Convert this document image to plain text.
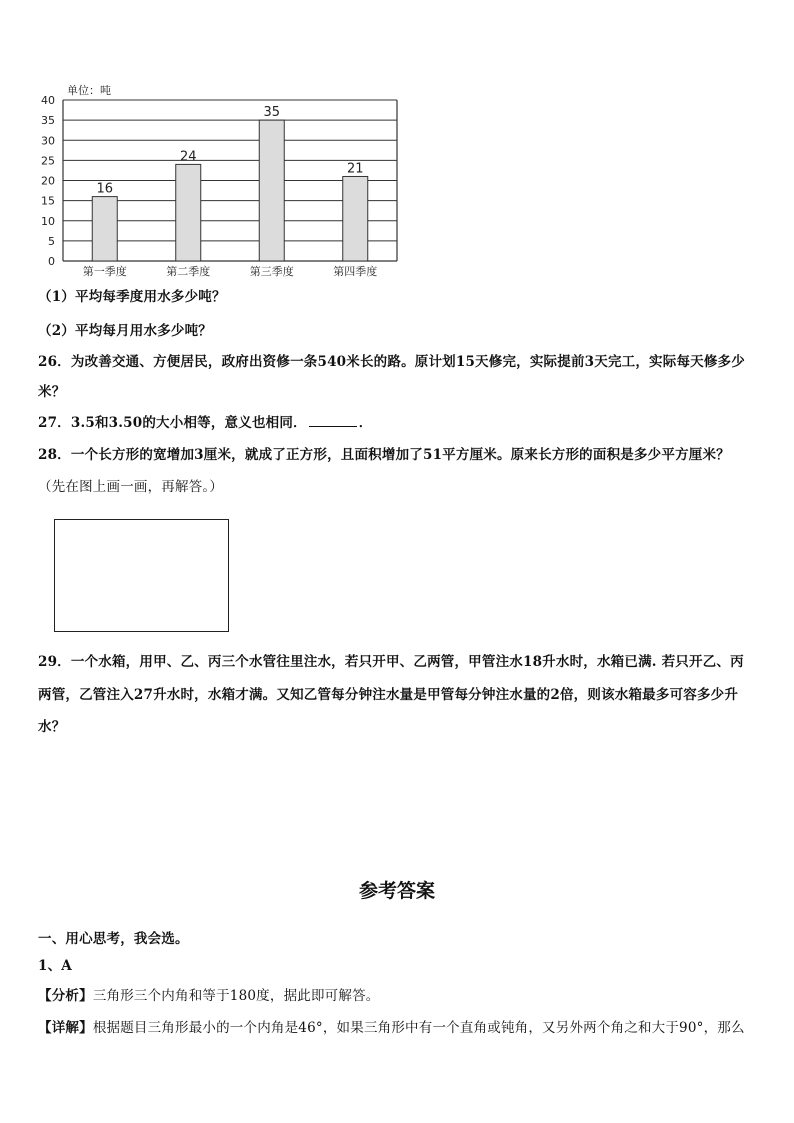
0
5
10
15
20
25
30
35
40
单位：吨
16
第一季度
24
第二季度
35
第三季度
21
第四季度
（1）平均每季度用水多少吨？
（2）平均每月用水多少吨？
26．为改善交通、方便居民，政府出资修一条540米长的路。原计划15天修完，实际提前3天完工，实际每天修多少
米？
27．3.5和3.50的大小相等，意义也相同．	．
28．一个长方形的宽增加3厘米，就成了正方形，且面积增加了51平方厘米。原来长方形的面积是多少平方厘米？
（先在图上画一画，再解答。）
29．一个水箱，用甲、乙、丙三个水管往里注水，若只开甲、乙两管，甲管注水18升水时，水箱已满. 若只开乙、丙
两管，乙管注入27升水时，水箱才满。又知乙管每分钟注水量是甲管每分钟注水量的2倍，则该水箱最多可容多少升
水？
参考答案
一、用心思考，我会选。
1、A
【分析】三角形三个内角和等于180度，据此即可解答。
【详解】根据题目三角形最小的一个内角是46°，如果三角形中有一个直角或钝角，又另外两个角之和大于90°，那么
